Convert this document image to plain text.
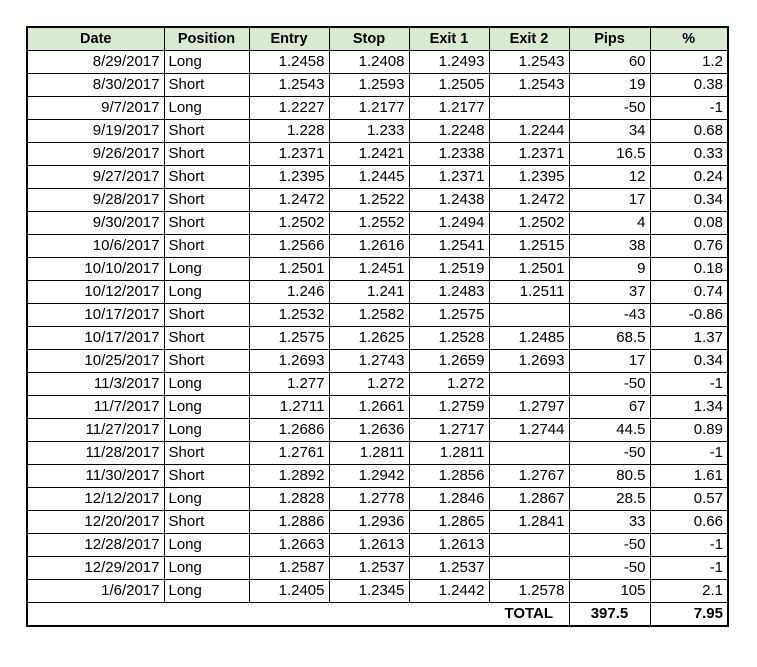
Date	Position	Entry	Stop	Exit 1	Exit 2	Pips	%
8/29/2017	Long	1.2458	1.2408	1.2493	1.2543	60	1.2
8/30/2017	Short	1.2543	1.2593	1.2505	1.2543	19	0.38
9/7/2017	Long	1.2227	1.2177	1.2177		-50	-1
9/19/2017	Short	1.228	1.233	1.2248	1.2244	34	0.68
9/26/2017	Short	1.2371	1.2421	1.2338	1.2371	16.5	0.33
9/27/2017	Short	1.2395	1.2445	1.2371	1.2395	12	0.24
9/28/2017	Short	1.2472	1.2522	1.2438	1.2472	17	0.34
9/30/2017	Short	1.2502	1.2552	1.2494	1.2502	4	0.08
10/6/2017	Short	1.2566	1.2616	1.2541	1.2515	38	0.76
10/10/2017	Long	1.2501	1.2451	1.2519	1.2501	9	0.18
10/12/2017	Long	1.246	1.241	1.2483	1.2511	37	0.74
10/17/2017	Short	1.2532	1.2582	1.2575		-43	-0.86
10/17/2017	Short	1.2575	1.2625	1.2528	1.2485	68.5	1.37
10/25/2017	Short	1.2693	1.2743	1.2659	1.2693	17	0.34
11/3/2017	Long	1.277	1.272	1.272		-50	-1
11/7/2017	Long	1.2711	1.2661	1.2759	1.2797	67	1.34
11/27/2017	Long	1.2686	1.2636	1.2717	1.2744	44.5	0.89
11/28/2017	Short	1.2761	1.2811	1.2811		-50	-1
11/30/2017	Short	1.2892	1.2942	1.2856	1.2767	80.5	1.61
12/12/2017	Long	1.2828	1.2778	1.2846	1.2867	28.5	0.57
12/20/2017	Short	1.2886	1.2936	1.2865	1.2841	33	0.66
12/28/2017	Long	1.2663	1.2613	1.2613		-50	-1
12/29/2017	Long	1.2587	1.2537	1.2537		-50	-1
1/6/2017	Long	1.2405	1.2345	1.2442	1.2578	105	2.1
					TOTAL	397.5	7.95
